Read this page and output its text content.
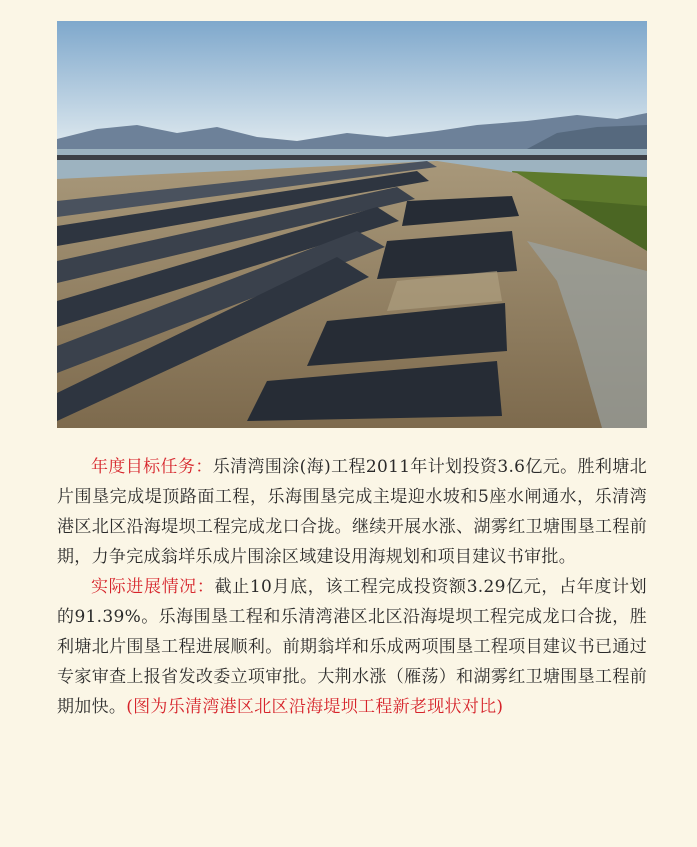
年度目标任务：乐清湾围涂(海)工程2011年计划投资3.6亿元。胜利塘北片围垦完成堤顶路面工程，乐海围垦完成主堤迎水坡和5座水闸通水，乐清湾港区北区沿海堤坝工程完成龙口合拢。继续开展水涨、湖雾红卫塘围垦工程前期，力争完成翁垟乐成片围涂区域建设用海规划和项目建议书审批。

实际进展情况：截止10月底，该工程完成投资额3.29亿元，占年度计划的91.39%。乐海围垦工程和乐清湾港区北区沿海堤坝工程完成龙口合拢，胜利塘北片围垦工程进展顺利。前期翁垟和乐成两项围垦工程项目建议书已通过专家审查上报省发改委立项审批。大荆水涨（雁荡）和湖雾红卫塘围垦工程前期加快。(图为乐清湾港区北区沿海堤坝工程新老现状对比)
